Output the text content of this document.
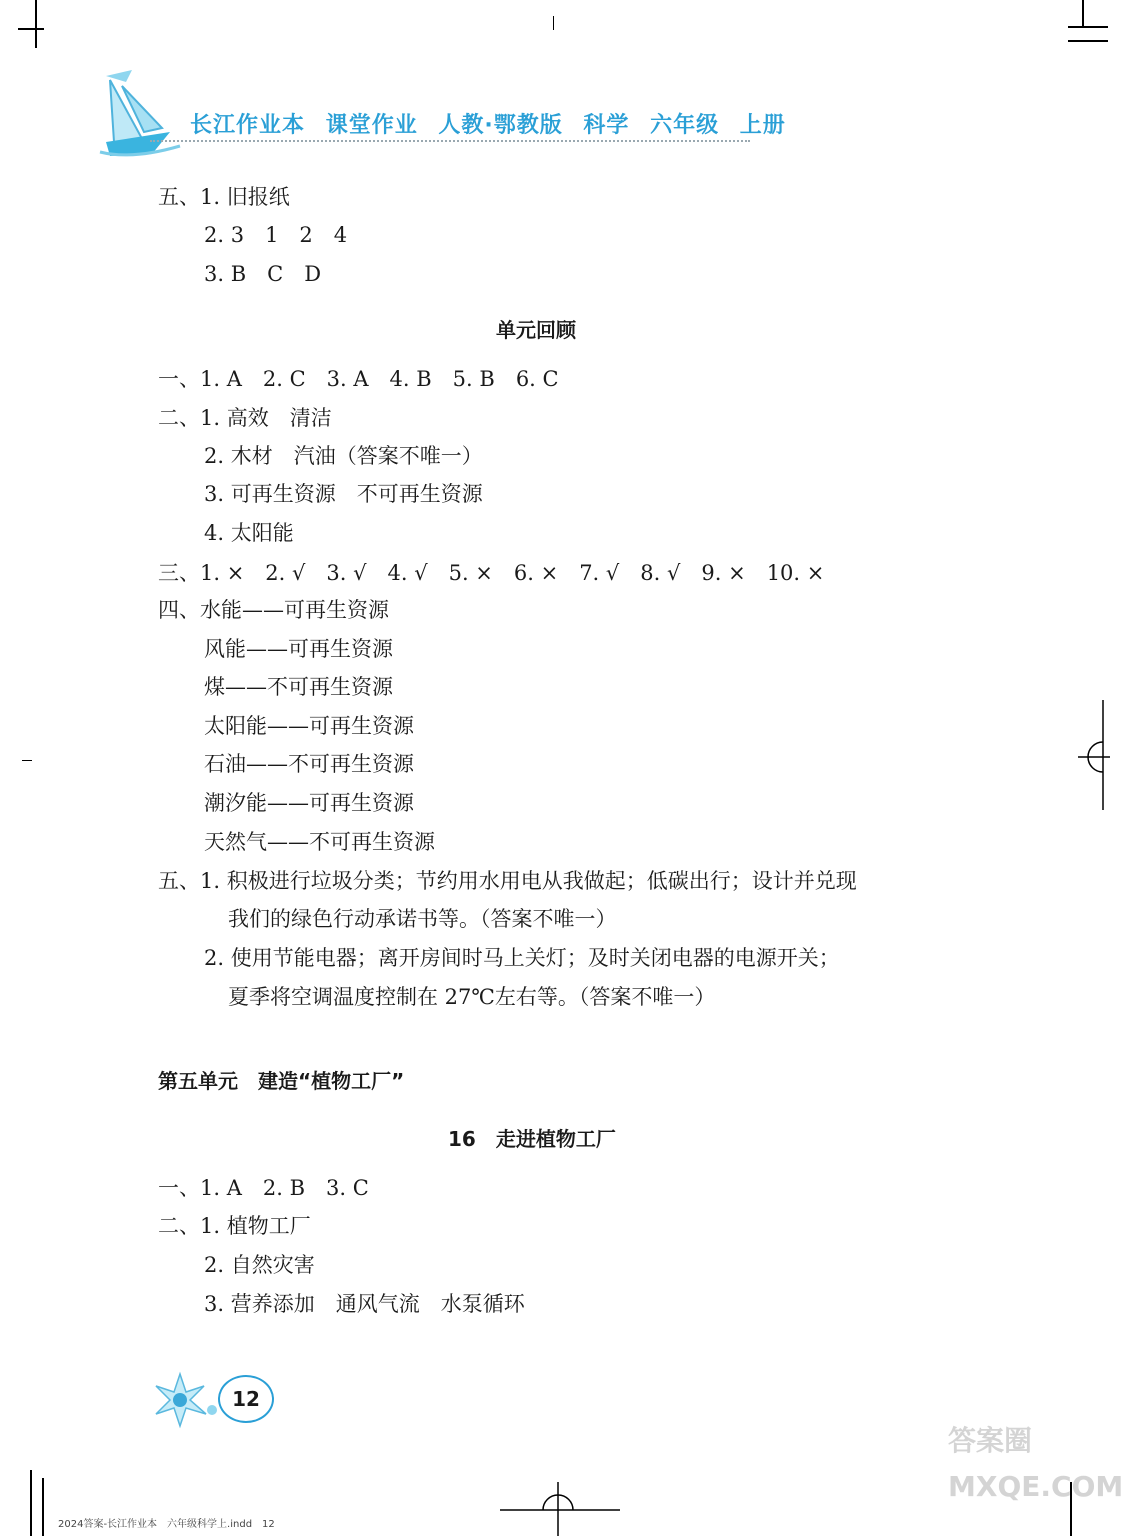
长江作业本 课堂作业 人教·鄂教版 科学 六年级 上册
五、1. 旧报纸
2. 3　1　2　4
3. B　C　D
单元回顾
一、1. A　2. C　3. A　4. B　5. B　6. C
二、1. 高效　清洁
2. 木材　汽油（答案不唯一）
3. 可再生资源　不可再生资源
4. 太阳能
三、1. ×　2. √　3. √　4. √　5. ×　6. ×　7. √　8. √　9. ×　10. ×
四、水能——可再生资源
风能——可再生资源
煤——不可再生资源
太阳能——可再生资源
石油——不可再生资源
潮汐能——可再生资源
天然气——不可再生资源
五、1. 积极进行垃圾分类；节约用水用电从我做起；低碳出行；设计并兑现
我们的绿色行动承诺书等。（答案不唯一）
2. 使用节能电器；离开房间时马上关灯；及时关闭电器的电源开关；
夏季将空调温度控制在 27℃左右等。（答案不唯一）
第五单元　建造“植物工厂”
16　走进植物工厂
一、1. A　2. B　3. C
二、1. 植物工厂
2. 自然灾害
3. 营养添加　通风气流　水泵循环
12
答案圈 MXQE.COM
2024答案-长江作业本　六年级科学上.indd　12
